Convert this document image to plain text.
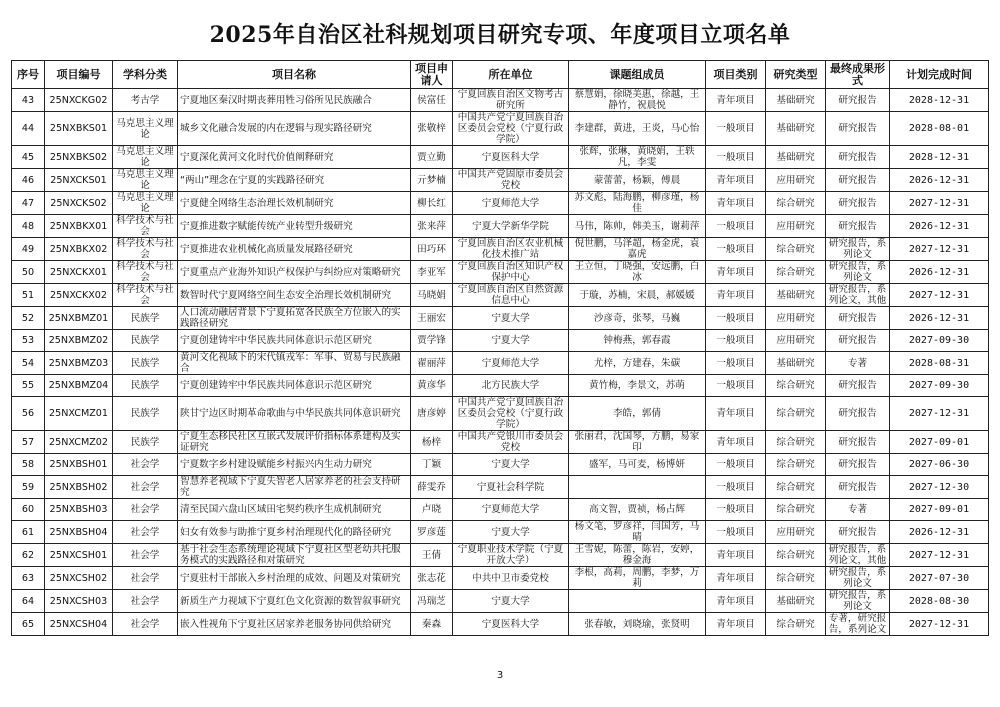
2025年自治区社科规划项目研究专项、年度项目立项名单
序号	项目编号	学科分类	项目名称	项目申请人	所在单位	课题组成员	项目类别	研究类型	最终成果形式	计划完成时间
43	25NXCKG02	考古学	宁夏地区秦汉时期丧葬用牲习俗所见民族融合	侯富任	宁夏回族自治区文物考古研究所	蔡慧娟，徐晓美惠，徐越，王静竹，祝晨悦	青年项目	基础研究	研究报告	2028-12-31
44	25NXBKS01	马克思主义理论	城乡文化融合发展的内在逻辑与现实路径研究	张敬梓	中国共产党宁夏回族自治区委员会党校（宁夏行政学院）	李建群，黄进，王炎，马心怡	一般项目	基础研究	研究报告	2028-08-01
45	25NXBKS02	马克思主义理论	宁夏深化黄河文化时代价值阐释研究	贾立勤	宁夏医科大学	张辉，张琳，黄晓娟，王轶凡，李雯	一般项目	基础研究	研究报告	2028-12-31
46	25NXCKS01	马克思主义理论	“两山”理念在宁夏的实践路径研究	亓梦楠	中国共产党固原市委员会党校	蒙蕾蕾，杨颖，傅晨	青年项目	应用研究	研究报告	2026-12-31
47	25NXCKS02	马克思主义理论	宁夏健全网络生态治理长效机制研究	柳长红	宁夏师范大学	苏文彪，陆海鹏，柳彦瑾，杨佳	青年项目	综合研究	研究报告	2027-12-31
48	25NXBKX01	科学技术与社会	宁夏推进数字赋能传统产业转型升级研究	张来萍	宁夏大学新华学院	马伟，陈帅，韩美玉，谢莉萍	一般项目	应用研究	研究报告	2026-12-31
49	25NXBKX02	科学技术与社会	宁夏推进农业机械化高质量发展路径研究	田巧环	宁夏回族自治区农业机械化技术推广站	倪世鹏，马泽超，杨金虎，袁嘉虎	一般项目	综合研究	研究报告，系列论文	2027-12-31
50	25NXCKX01	科学技术与社会	宁夏重点产业海外知识产权保护与纠纷应对策略研究	李亚军	宁夏回族自治区知识产权保护中心	王立恒，丁晓强，安远鹏，白冰	青年项目	综合研究	研究报告，系列论文	2026-12-31
51	25NXCKX02	科学技术与社会	数智时代宁夏网络空间生态安全治理长效机制研究	马晓娟	宁夏回族自治区自然资源信息中心	于璇，苏楠，宋晨，郝媛媛	青年项目	基础研究	研究报告，系列论文，其他	2027-12-31
52	25NXBMZ01	民族学	人口流动融居背景下宁夏拓宽各民族全方位嵌入的实践路径研究	王丽宏	宁夏大学	沙彦奇，张琴，马巍	一般项目	应用研究	研究报告	2026-12-31
53	25NXBMZ02	民族学	宁夏创建铸牢中华民族共同体意识示范区研究	贾学锋	宁夏大学	钟梅燕，郭春霞	一般项目	应用研究	研究报告	2027-09-30
54	25NXBMZ03	民族学	黄河文化视域下的宋代镇戎军：军事、贸易与民族融合	翟丽萍	宁夏师范大学	尤梓，方建春，朱碳	一般项目	基础研究	专著	2028-08-31
55	25NXBMZ04	民族学	宁夏创建铸牢中华民族共同体意识示范区研究	黄彦华	北方民族大学	黄竹梅，李景文，苏萌	一般项目	综合研究	研究报告	2027-09-30
56	25NXCMZ01	民族学	陕甘宁边区时期革命歌曲与中华民族共同体意识研究	唐彦婷	中国共产党宁夏回族自治区委员会党校（宁夏行政学院）	李皓，郭倩	青年项目	综合研究	研究报告	2027-12-31
57	25NXCMZ02	民族学	宁夏生态移民社区互嵌式发展评价指标体系建构及实证研究	杨梓	中国共产党银川市委员会党校	张丽君，沈国琴，方鹏，易家印	青年项目	综合研究	研究报告	2027-09-01
58	25NXBSH01	社会学	宁夏数字乡村建设赋能乡村振兴内生动力研究	丁颖	宁夏大学	盛军，马可麦，杨博妍	一般项目	综合研究	研究报告	2027-06-30
59	25NXBSH02	社会学	智慧养老视域下宁夏失智老人居家养老的社会支持研究	薛雯乔	宁夏社会科学院		一般项目	综合研究	研究报告	2027-12-30
60	25NXBSH03	社会学	清至民国六盘山区域田宅契约秩序生成机制研究	卢晓	宁夏师范大学	高文智，贾祯，杨占辉	一般项目	综合研究	专著	2027-09-01
61	25NXBSH04	社会学	妇女有效参与助推宁夏乡村治理现代化的路径研究	罗彦莲	宁夏大学	杨文笔，罗彦祥，闫国芳，马晴	一般项目	应用研究	研究报告	2026-12-31
62	25NXCSH01	社会学	基于社会生态系统理论视域下宁夏社区型老幼共托服务模式的实践路径和对策研究	王倩	宁夏职业技术学院（宁夏开放大学）	王雪妮，陈蕾，陈岩，安婷，穆金海	青年项目	综合研究	研究报告，系列论文，其他	2027-12-31
63	25NXCSH02	社会学	宁夏驻村干部嵌入乡村治理的成效、问题及对策研究	张志花	中共中卫市委党校	李根，高莉，周鹏，李梦，万莉	青年项目	综合研究	研究报告，系列论文	2027-07-30
64	25NXCSH03	社会学	新质生产力视域下宁夏红色文化资源的数智叙事研究	冯瑞芝	宁夏大学		青年项目	基础研究	研究报告，系列论文	2028-08-30
65	25NXCSH04	社会学	嵌入性视角下宁夏社区居家养老服务协同供给研究	秦森	宁夏医科大学	张春敏，刘晓瑜，张贤明	青年项目	综合研究	专著，研究报告，系列论文	2027-12-31
3
